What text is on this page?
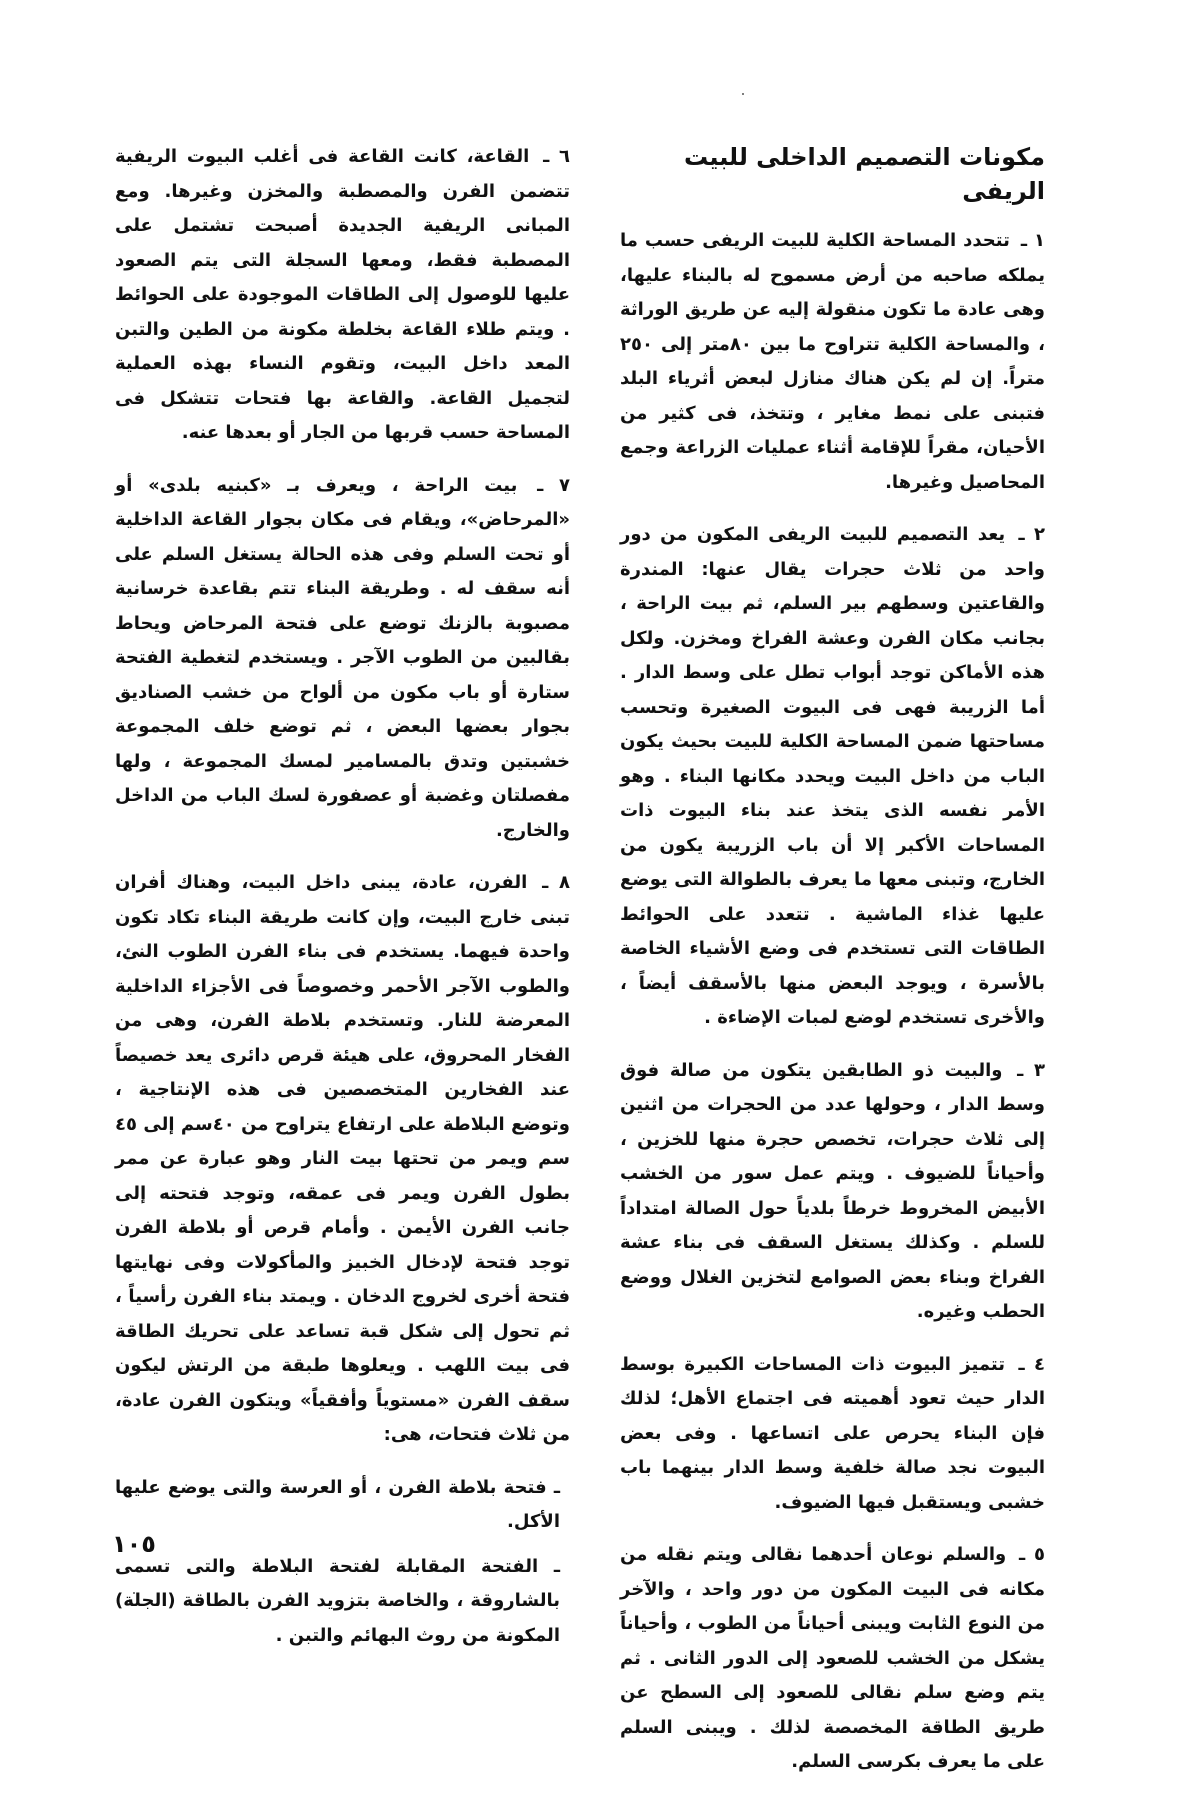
مكونات التصميم الداخلى للبيت الريفى
١ ـ تتحدد المساحة الكلية للبيت الريفى حسب ما يملكه صاحبه من أرض مسموح له بالبناء عليها، وهى عادة ما تكون منقولة إليه عن طريق الوراثة ، والمساحة الكلية تتراوح ما بين ٨٠متر إلى ٢٥٠ متراً. إن لم يكن هناك منازل لبعض أثرياء البلد فتبنى على نمط مغاير ، وتتخذ، فى كثير من الأحيان، مقراً للإقامة أثناء عمليات الزراعة وجمع المحاصيل وغيرها.
٢ ـ يعد التصميم للبيت الريفى المكون من دور واحد من ثلاث حجرات يقال عنها: المندرة والقاعتين وسطهم بير السلم، ثم بيت الراحة ، بجانب مكان الفرن وعشة الفراخ ومخزن. ولكل هذه الأماكن توجد أبواب تطل على وسط الدار . أما الزريبة فهى فى البيوت الصغيرة وتحسب مساحتها ضمن المساحة الكلية للبيت بحيث يكون الباب من داخل البيت ويحدد مكانها البناء . وهو الأمر نفسه الذى يتخذ عند بناء البيوت ذات المساحات الأكبر إلا أن باب الزريبة يكون من الخارج، وتبنى معها ما يعرف بالطوالة التى يوضع عليها غذاء الماشية . تتعدد على الحوائط الطاقات التى تستخدم فى وضع الأشياء الخاصة بالأسرة ، ويوجد البعض منها بالأسقف أيضاً ، والأخرى تستخدم لوضع لمبات الإضاءة .
٣ ـ والبيت ذو الطابقين يتكون من صالة فوق وسط الدار ، وحولها عدد من الحجرات من اثنين إلى ثلاث حجرات، تخصص حجرة منها للخزين ، وأحياناً للضيوف . ويتم عمل سور من الخشب الأبيض المخروط خرطاً بلدياً حول الصالة امتداداً للسلم . وكذلك يستغل السقف فى بناء عشة الفراخ وبناء بعض الصوامع لتخزين الغلال ووضع الحطب وغيره.
٤ ـ تتميز البيوت ذات المساحات الكبيرة بوسط الدار حيث تعود أهميته فى اجتماع الأهل؛ لذلك فإن البناء يحرص على اتساعها . وفى بعض البيوت نجد صالة خلفية وسط الدار بينهما باب خشبى ويستقبل فيها الضيوف.
٥ ـ والسلم نوعان أحدهما نقالى ويتم نقله من مكانه فى البيت المكون من دور واحد ، والآخر من النوع الثابت ويبنى أحياناً من الطوب ، وأحياناً يشكل من الخشب للصعود إلى الدور الثانى . ثم يتم وضع سلم نقالى للصعود إلى السطح عن طريق الطاقة المخصصة لذلك . ويبنى السلم على ما يعرف بكرسى السلم.
٦ ـ القاعة، كانت القاعة فى أغلب البيوت الريفية تتضمن الفرن والمصطبة والمخزن وغيرها. ومع المبانى الريفية الجديدة أصبحت تشتمل على المصطبة فقط، ومعها السجلة التى يتم الصعود عليها للوصول إلى الطاقات الموجودة على الحوائط . ويتم طلاء القاعة بخلطة مكونة من الطين والتبن المعد داخل البيت، وتقوم النساء بهذه العملية لتجميل القاعة. والقاعة بها فتحات تتشكل فى المساحة حسب قربها من الجار أو بعدها عنه.
٧ ـ بيت الراحة ، ويعرف بـ «كبنيه بلدى» أو «المرحاض»، ويقام فى مكان بجوار القاعة الداخلية أو تحت السلم وفى هذه الحالة يستغل السلم على أنه سقف له . وطريقة البناء تتم بقاعدة خرسانية مصبوبة بالزنك توضع على فتحة المرحاض ويحاط بقالبين من الطوب الآجر . ويستخدم لتغطية الفتحة ستارة أو باب مكون من ألواح من خشب الصناديق بجوار بعضها البعض ، ثم توضع خلف المجموعة خشبتين وتدق بالمسامير لمسك المجموعة ، ولها مفصلتان وغضبة أو عصفورة لسك الباب من الداخل والخارج.
٨ ـ الفرن، عادة، يبنى داخل البيت، وهناك أفران تبنى خارج البيت، وإن كانت طريقة البناء تكاد تكون واحدة فيهما. يستخدم فى بناء الفرن الطوب النئ، والطوب الآجر الأحمر وخصوصاً فى الأجزاء الداخلية المعرضة للنار. وتستخدم بلاطة الفرن، وهى من الفخار المحروق، على هيئة قرص دائرى يعد خصيصاً عند الفخارين المتخصصين فى هذه الإنتاجية ، وتوضع البلاطة على ارتفاع يتراوح من ٤٠سم إلى ٤٥ سم ويمر من تحتها بيت النار وهو عبارة عن ممر بطول الفرن ويمر فى عمقه، وتوجد فتحته إلى جانب الفرن الأيمن . وأمام قرص أو بلاطة الفرن توجد فتحة لإدخال الخبيز والمأكولات وفى نهايتها فتحة أخرى لخروج الدخان . ويمتد بناء الفرن رأسياً ، ثم تحول إلى شكل قبة تساعد على تحريك الطاقة فى بيت اللهب . ويعلوها طبقة من الرتش ليكون سقف الفرن «مستوياً وأفقياً» ويتكون الفرن عادة، من ثلاث فتحات، هى:
ـ فتحة بلاطة الفرن ، أو العرسة والتى يوضع عليها الأكل.
ـ الفتحة المقابلة لفتحة البلاطة والتى تسمى بالشاروقة ، والخاصة بتزويد الفرن بالطاقة (الجلة) المكونة من روث البهائم والتبن .
١٠٥
